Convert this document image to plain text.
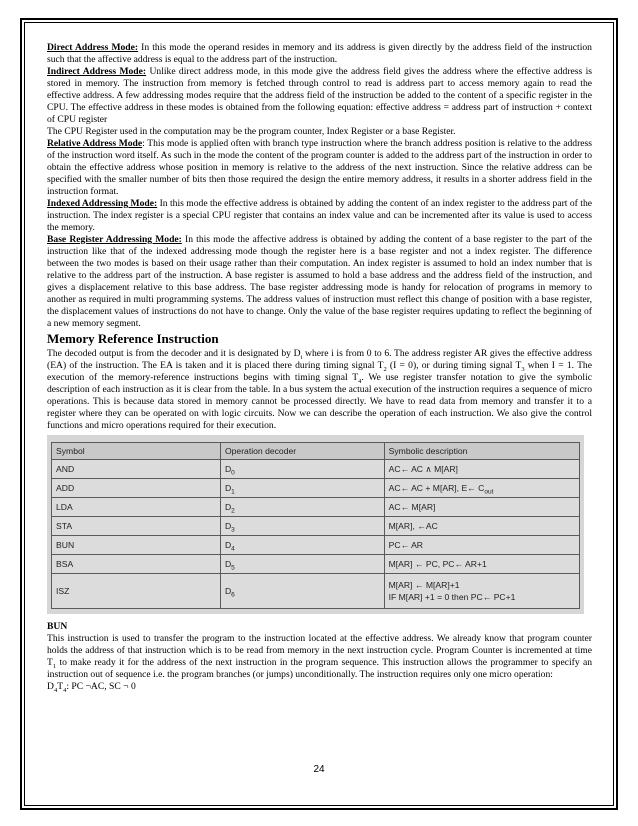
Direct Address Mode: In this mode the operand resides in memory and its address is given directly by the address field of the instruction such that the affective address is equal to the address part of the instruction.

Indirect Address Mode: Unlike direct address mode, in this mode give the address field gives the address where the effective address is stored in memory. The instruction from memory is fetched through control to read is address part to access memory again to read the effective address. A few addressing modes require that the address field of the instruction be added to the content of a specific register in the CPU. The effective address in these modes is obtained from the following equation: effective address = address part of instruction + context of CPU register

The CPU Register used in the computation may be the program counter, Index Register or a base Register.

Relative Address Mode: This mode is applied often with branch type instruction where the branch address position is relative to the address of the instruction word itself. As such in the mode the content of the program counter is added to the address part of the instruction in order to obtain the effective address whose position in memory is relative to the address of the next instruction. Since the relative address can be specified with the smaller number of bits then those required the design the entire memory address, it results in a shorter address field in the instruction format.

Indexed Addressing Mode: In this mode the effective address is obtained by adding the content of an index register to the address part of the instruction. The index register is a special CPU register that contains an index value and can be incremented after its value is used to access the memory.

Base Register Addressing Mode: In this mode the affective address is obtained by adding the content of a base register to the part of the instruction like that of the indexed addressing mode though the register here is a base register and not a index register. The difference between the two modes is based on their usage rather than their computation. An index register is assumed to hold an index number that is relative to the address part of the instruction. A base register is assumed to hold a base address and the address field of the instruction, and gives a displacement relative to this base address. The base register addressing mode is handy for relocation of programs in memory to another as required in multi programming systems. The address values of instruction must reflect this change of position with a base register, the displacement values of instructions do not have to change. Only the value of the base register requires updating to reflect the beginning of a new memory segment.

Memory Reference Instruction

The decoded output is from the decoder and it is designated by $D_i$ where i is from 0 to 6. The address register AR gives the effective address (EA) of the instruction. The EA is taken and it is placed there during timing signal $T_2$ (I = 0), or during timing signal $T_3$ when I = 1. The execution of the memory-reference instructions begins with timing signal $T_4$. We use register transfer notation to give the symbolic description of each instruction as it is clear from the table. In a bus system the actual execution of the instruction requires a sequence of micro operations. This is because data stored in memory cannot be processed directly. We have to read data from memory and transfer it to a register where they can be operated on with logic circuits. Now we can describe the operation of each instruction. We also give the control functions and micro operations required for their execution.

Symbol	Operation decoder	Symbolic description
AND	$D_0$	AC← AC ∧ M[AR]
ADD	$D_1$	AC← AC + M[AR], E← $C_{out}$
LDA	$D_2$	AC← M[AR]
STA	$D_3$	M[AR], ←AC
BUN	$D_4$	PC← AR
BSA	$D_5$	M[AR] ← PC, PC← AR+1
ISZ	$D_6$	M[AR] ← M[AR]+1
IF M[AR] +1 = 0 then PC← PC+1

BUN

This instruction is used to transfer the program to the instruction located at the effective address. We already know that program counter holds the address of that instruction which is to be read from memory in the next instruction cycle. Program Counter is incremented at time $T_1$ to make ready it for the address of the next instruction in the program sequence. This instruction allows the programmer to specify an instruction out of sequence i.e. the program branches (or jumps) unconditionally. The instruction requires only one micro operation:

$D_4T_4$: PC ¬AC, SC ¬ 0

24
